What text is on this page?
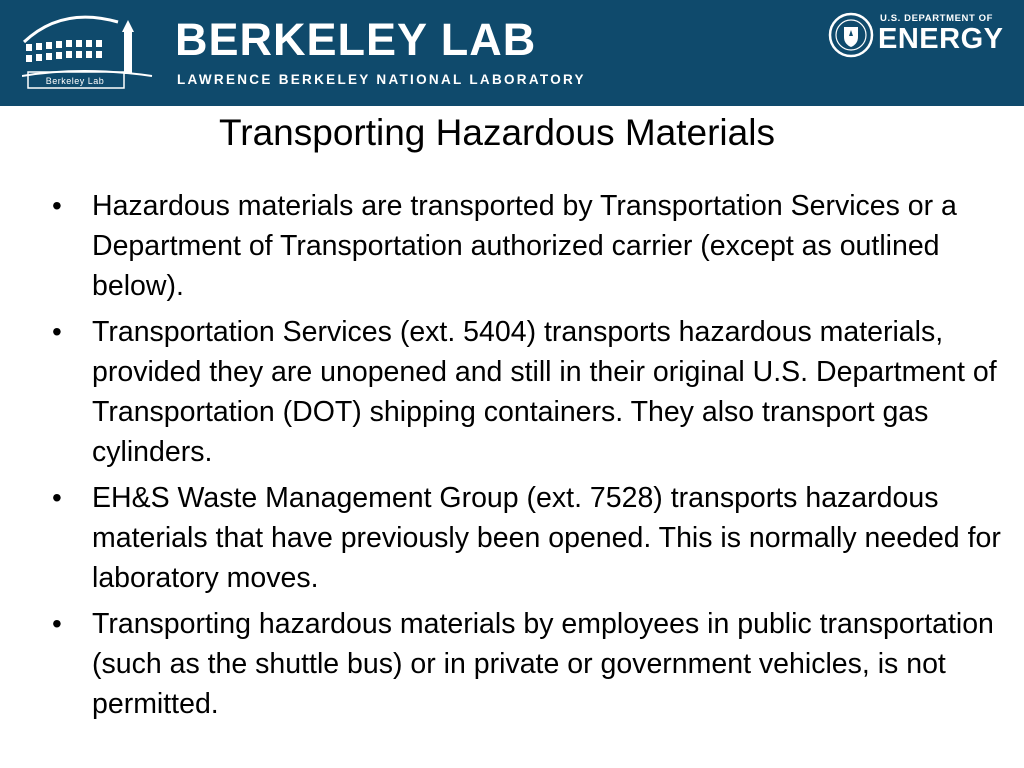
Berkeley Lab
BERKELEY LAB
LAWRENCE BERKELEY NATIONAL LABORATORY
U.S. DEPARTMENT OF
ENERGY
Transporting Hazardous Materials
• Hazardous materials are transported by Transportation Services or a Department of Transportation authorized carrier (except as outlined below).
• Transportation Services (ext. 5404) transports hazardous materials, provided they are unopened and still in their original U.S. Department of Transportation (DOT) shipping containers. They also transport gas cylinders.
• EH&S Waste Management Group (ext. 7528) transports hazardous materials that have previously been opened. This is normally needed for laboratory moves.
• Transporting hazardous materials by employees in public transportation (such as the shuttle bus) or in private or government vehicles, is not permitted.
